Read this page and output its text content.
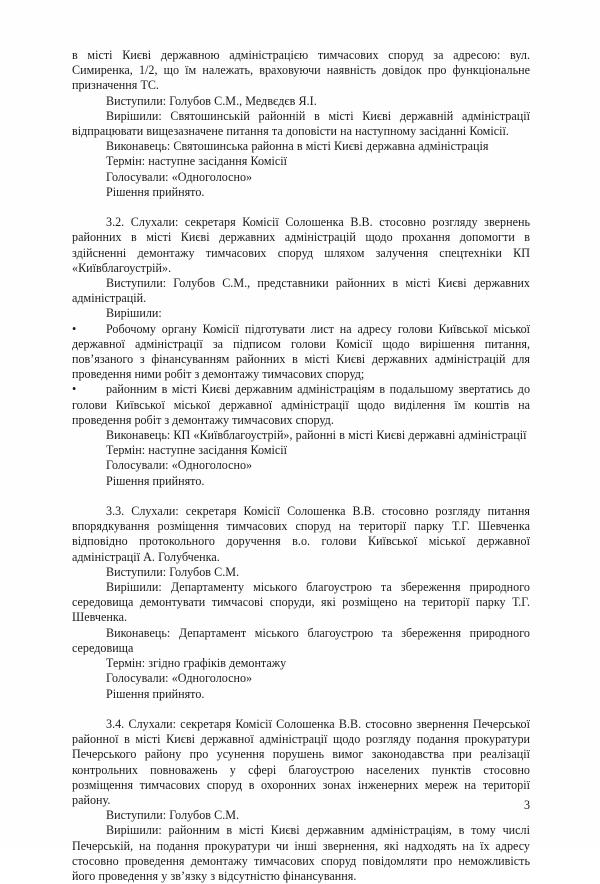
в місті Києві державною адміністрацією тимчасових споруд за адресою: вул. Симиренка, 1/2, що їм належать, враховуючи наявність довідок про функціональне призначення ТС.

Виступили: Голубов С.М., Медвєдєв Я.І.

Вирішили: Святошинській районній в місті Києві державній адміністрації відпрацювати вищезазначене питання та доповісти на наступному засіданні Комісії.

Виконавець: Святошинська районна в місті Києві державна адміністрація

Термін: наступне засідання Комісії

Голосували: «Одноголосно»

Рішення прийнято.

3.2. Слухали: секретаря Комісії Солошенка В.В. стосовно розгляду звернень районних в місті Києві державних адміністрацій щодо прохання допомогти в здійсненні демонтажу тимчасових споруд шляхом залучення спецтехніки КП «Київблагоустрій».

Виступили: Голубов С.М., представники районних в місті Києві державних адміністрацій.

Вирішили:

• Робочому органу Комісії підготувати лист на адресу голови Київської міської державної адміністрації за підписом голови Комісії щодо вирішення питання, пов’язаного з фінансуванням районних в місті Києві державних адміністрацій для проведення ними робіт з демонтажу тимчасових споруд;

• районним в місті Києві державним адміністраціям в подальшому звертатись до голови Київської міської державної адміністрації щодо виділення їм коштів на проведення робіт з демонтажу тимчасових споруд.

Виконавець: КП «Київблагоустрій», районні в місті Києві державні адміністрації

Термін: наступне засідання Комісії

Голосували: «Одноголосно»

Рішення прийнято.

3.3. Слухали: секретаря Комісії Солошенка В.В. стосовно розгляду питання впорядкування розміщення тимчасових споруд на території парку Т.Г. Шевченка відповідно протокольного доручення в.о. голови Київської міської державної адміністрації А. Голубченка.

Виступили: Голубов С.М.

Вирішили: Департаменту міського благоустрою та збереження природного середовища демонтувати тимчасові споруди, які розміщено на території парку Т.Г. Шевченка.

Виконавець: Департамент міського благоустрою та збереження природного середовища

Термін: згідно графіків демонтажу

Голосували: «Одноголосно»

Рішення прийнято.

3.4. Слухали: секретаря Комісії Солошенка В.В. стосовно звернення Печерської районної в місті Києві державної адміністрації щодо розгляду подання прокуратури Печерського району про усунення порушень вимог законодавства при реалізації контрольних повноважень у сфері благоустрою населених пунктів стосовно розміщення тимчасових споруд в охоронних зонах інженерних мереж на території району.

Виступили: Голубов С.М.

Вирішили: районним в місті Києві державним адміністраціям, в тому числі Печерській, на подання прокуратури чи інші звернення, які надходять на їх адресу стосовно проведення демонтажу тимчасових споруд повідомляти про неможливість його проведення у зв’язку з відсутністю фінансування.

3
